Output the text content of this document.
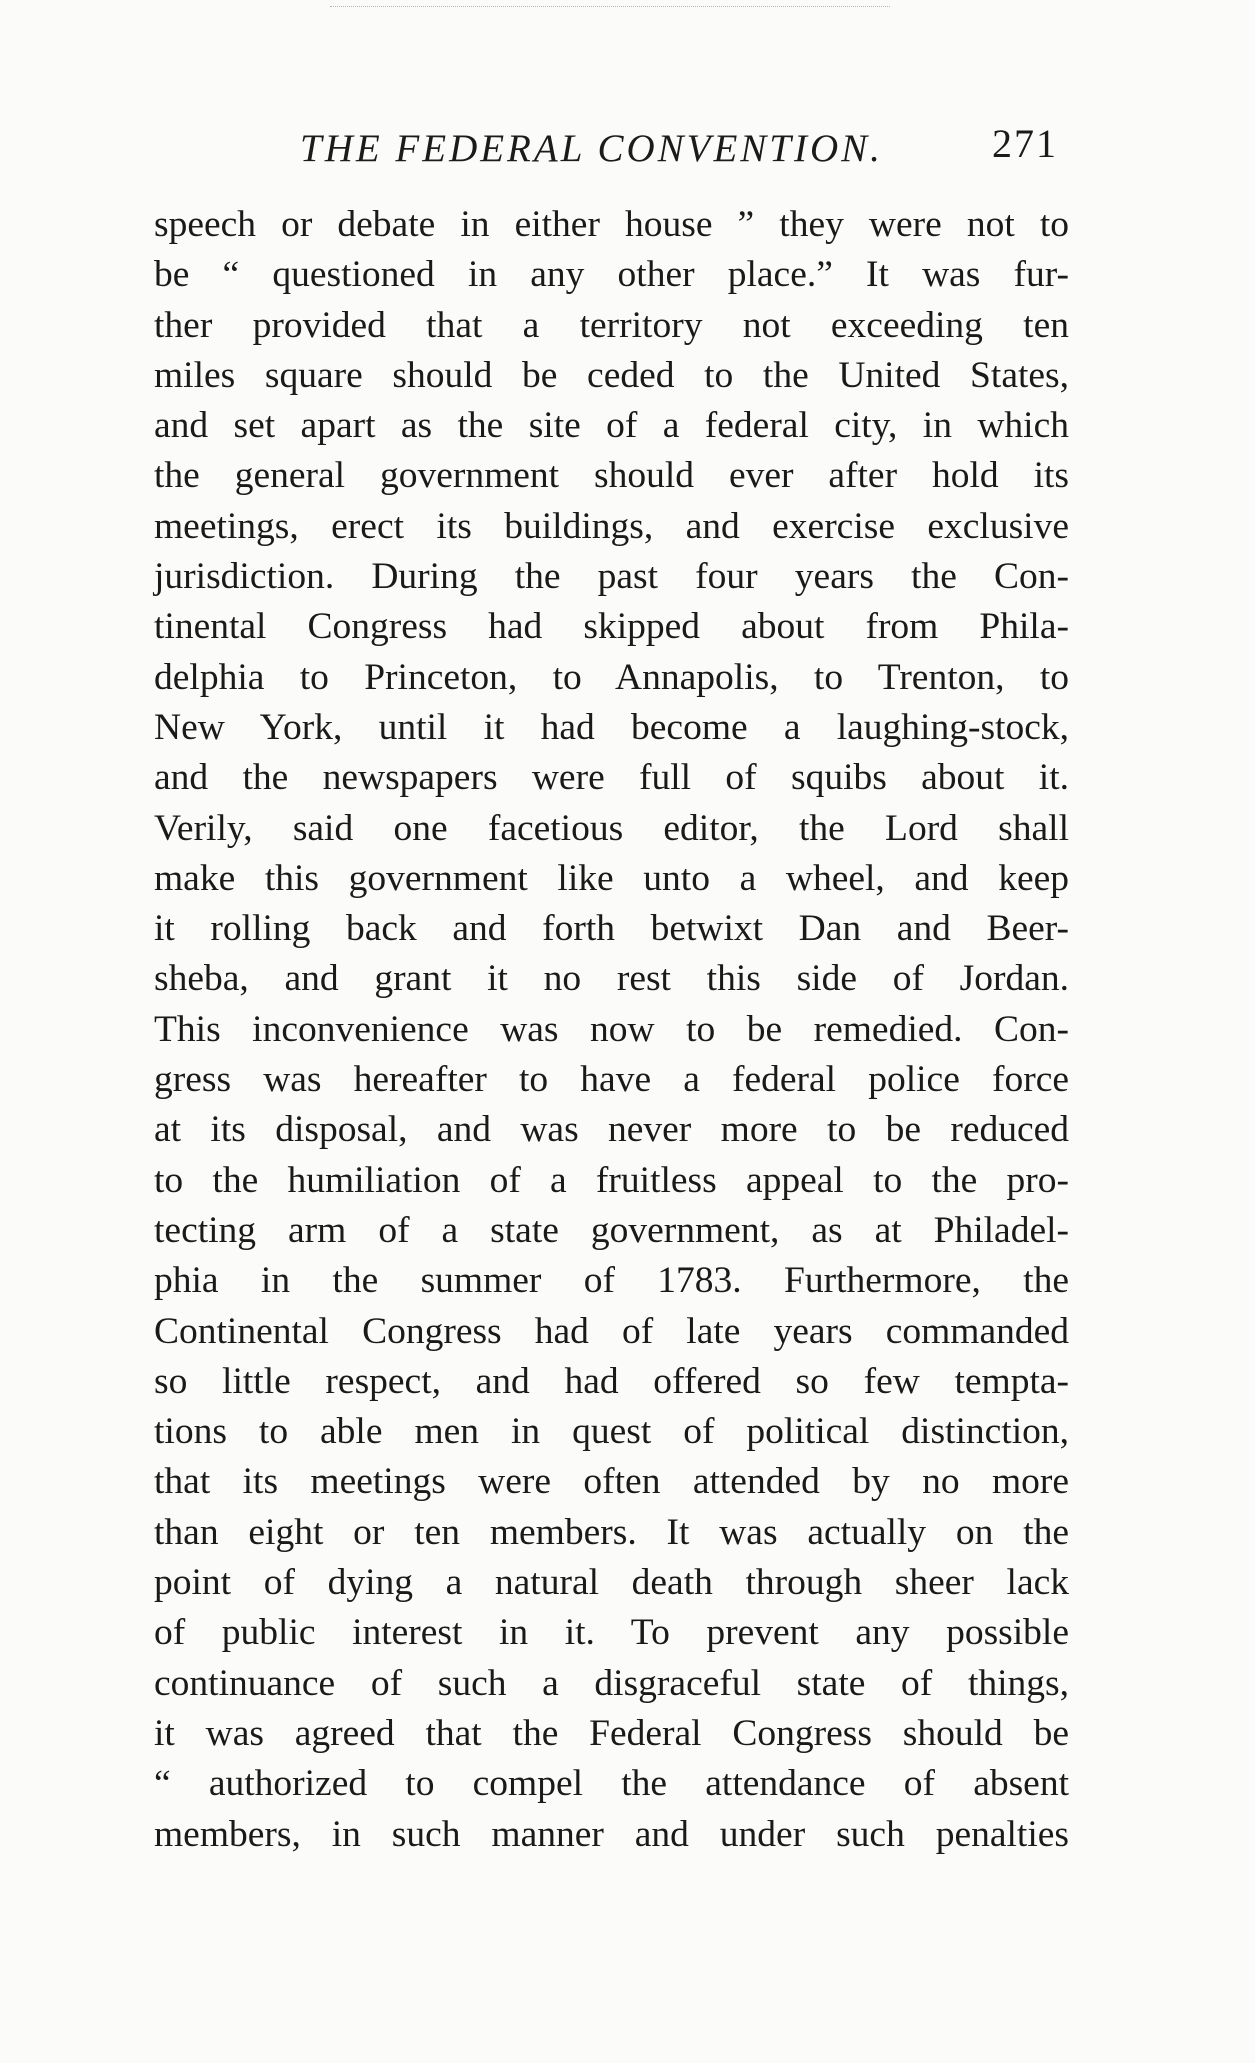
THE FEDERAL CONVENTION.	271
speech or debate in either house ” they were not to
be “ questioned in any other place.” It was fur-
ther provided that a territory not exceeding ten
miles square should be ceded to the United States,
and set apart as the site of a federal city, in which
the general government should ever after hold its
meetings, erect its buildings, and exercise exclusive
jurisdiction. During the past four years the Con-
tinental Congress had skipped about from Phila-
delphia to Princeton, to Annapolis, to Trenton, to
New York, until it had become a laughing-stock,
and the newspapers were full of squibs about it.
Verily, said one facetious editor, the Lord shall
make this government like unto a wheel, and keep
it rolling back and forth betwixt Dan and Beer-
sheba, and grant it no rest this side of Jordan.
This inconvenience was now to be remedied. Con-
gress was hereafter to have a federal police force
at its disposal, and was never more to be reduced
to the humiliation of a fruitless appeal to the pro-
tecting arm of a state government, as at Philadel-
phia in the summer of 1783. Furthermore, the
Continental Congress had of late years commanded
so little respect, and had offered so few tempta-
tions to able men in quest of political distinction,
that its meetings were often attended by no more
than eight or ten members. It was actually on the
point of dying a natural death through sheer lack
of public interest in it. To prevent any possible
continuance of such a disgraceful state of things,
it was agreed that the Federal Congress should be
“ authorized to compel the attendance of absent
members, in such manner and under such penalties
